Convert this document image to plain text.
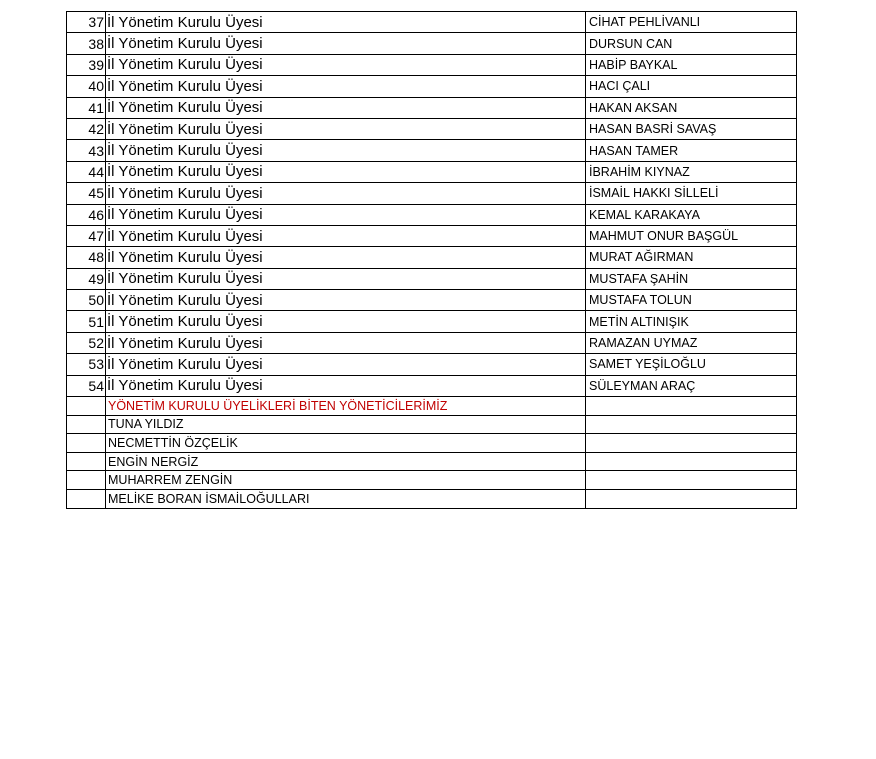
37	İl Yönetim Kurulu Üyesi	CİHAT PEHLİVANLI
38	İl Yönetim Kurulu Üyesi	DURSUN CAN
39	İl Yönetim Kurulu Üyesi	HABİP BAYKAL
40	İl Yönetim Kurulu Üyesi	HACI ÇALI
41	İl Yönetim Kurulu Üyesi	HAKAN AKSAN
42	İl Yönetim Kurulu Üyesi	HASAN BASRİ SAVAŞ
43	İl Yönetim Kurulu Üyesi	HASAN TAMER
44	İl Yönetim Kurulu Üyesi	İBRAHİM KIYNAZ
45	İl Yönetim Kurulu Üyesi	İSMAİL HAKKI SİLLELİ
46	İl Yönetim Kurulu Üyesi	KEMAL KARAKAYA
47	İl Yönetim Kurulu Üyesi	MAHMUT ONUR BAŞGÜL
48	İl Yönetim Kurulu Üyesi	MURAT AĞIRMAN
49	İl Yönetim Kurulu Üyesi	MUSTAFA ŞAHİN
50	İl Yönetim Kurulu Üyesi	MUSTAFA TOLUN
51	İl Yönetim Kurulu Üyesi	METİN ALTINIŞIK
52	İl Yönetim Kurulu Üyesi	RAMAZAN UYMAZ
53	İl Yönetim Kurulu Üyesi	SAMET YEŞİLOĞLU
54	İl Yönetim Kurulu Üyesi	SÜLEYMAN ARAÇ
	YÖNETİM KURULU ÜYELİKLERİ BİTEN YÖNETİCİLERİMİZ	
	TUNA YILDIZ	
	NECMETTİN ÖZÇELİK	
	ENGİN NERGİZ	
	MUHARREM ZENGİN	
	MELİKE BORAN İSMAİLOĞULLARI	
